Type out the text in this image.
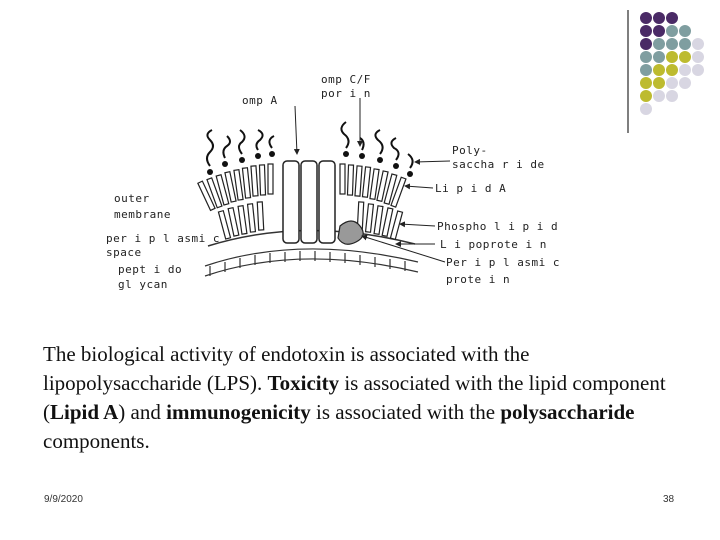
omp A
omp C/F
por i n
Poly-
saccha r i de
Li p i d A
outer
membrane
Phospho l i p i d
per i p l asmi c
space
L i poprote i n
pept i do
gl ycan
Per i p l asmi c
prote i n

The biological activity of endotoxin is associated with the lipopolysaccharide (LPS). Toxicity is associated with the lipid component (Lipid A) and immunogenicity is associated with the polysaccharide components.

9/9/2020	38
